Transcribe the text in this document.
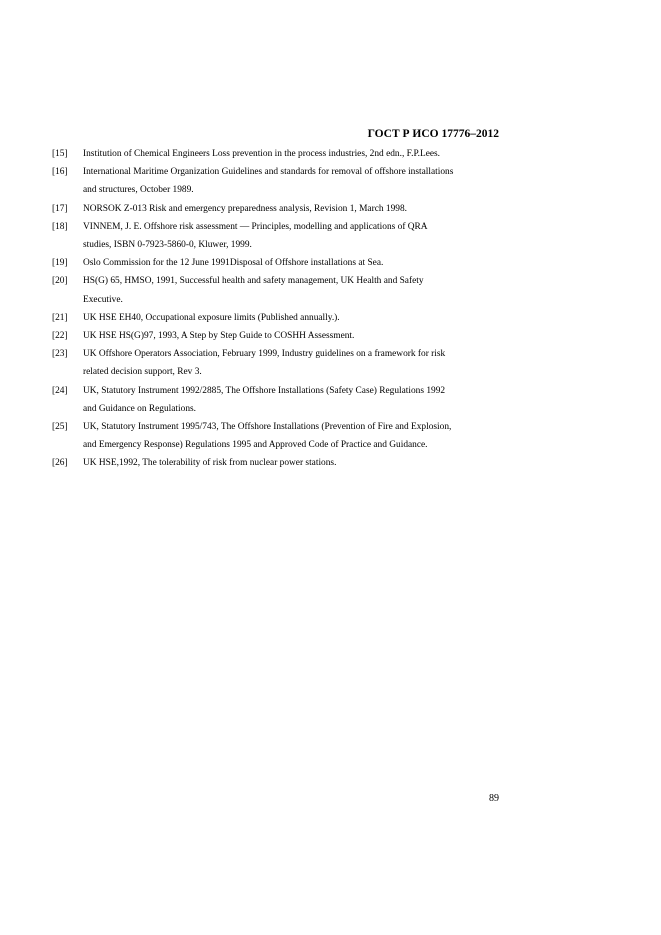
ГОСТ Р ИСО 17776–2012
[15] Institution of Chemical Engineers Loss prevention in the process industries, 2nd edn., F.P.Lees.
[16] International Maritime Organization Guidelines and standards for removal of offshore installations
and structures, October 1989.
[17] NORSOK Z-013 Risk and emergency preparedness analysis, Revision 1, March 1998.
[18] VINNEM, J. E. Offshore risk assessment — Principles, modelling and applications of QRA
studies, ISBN 0-7923-5860-0, Kluwer, 1999.
[19] Oslo Commission for the 12 June 1991Disposal of Offshore installations at Sea.
[20] HS(G) 65, HMSO, 1991, Successful health and safety management, UK Health and Safety
Executive.
[21] UK HSE EH40, Occupational exposure limits (Published annually.).
[22] UK HSE HS(G)97, 1993, A Step by Step Guide to COSHH Assessment.
[23] UK Offshore Operators Association, February 1999, Industry guidelines on a framework for risk
related decision support, Rev 3.
[24] UK, Statutory Instrument 1992/2885, The Offshore Installations (Safety Case) Regulations 1992
and Guidance on Regulations.
[25] UK, Statutory Instrument 1995/743, The Offshore Installations (Prevention of Fire and Explosion,
and Emergency Response) Regulations 1995 and Approved Code of Practice and Guidance.
[26] UK HSE,1992, The tolerability of risk from nuclear power stations.
89
